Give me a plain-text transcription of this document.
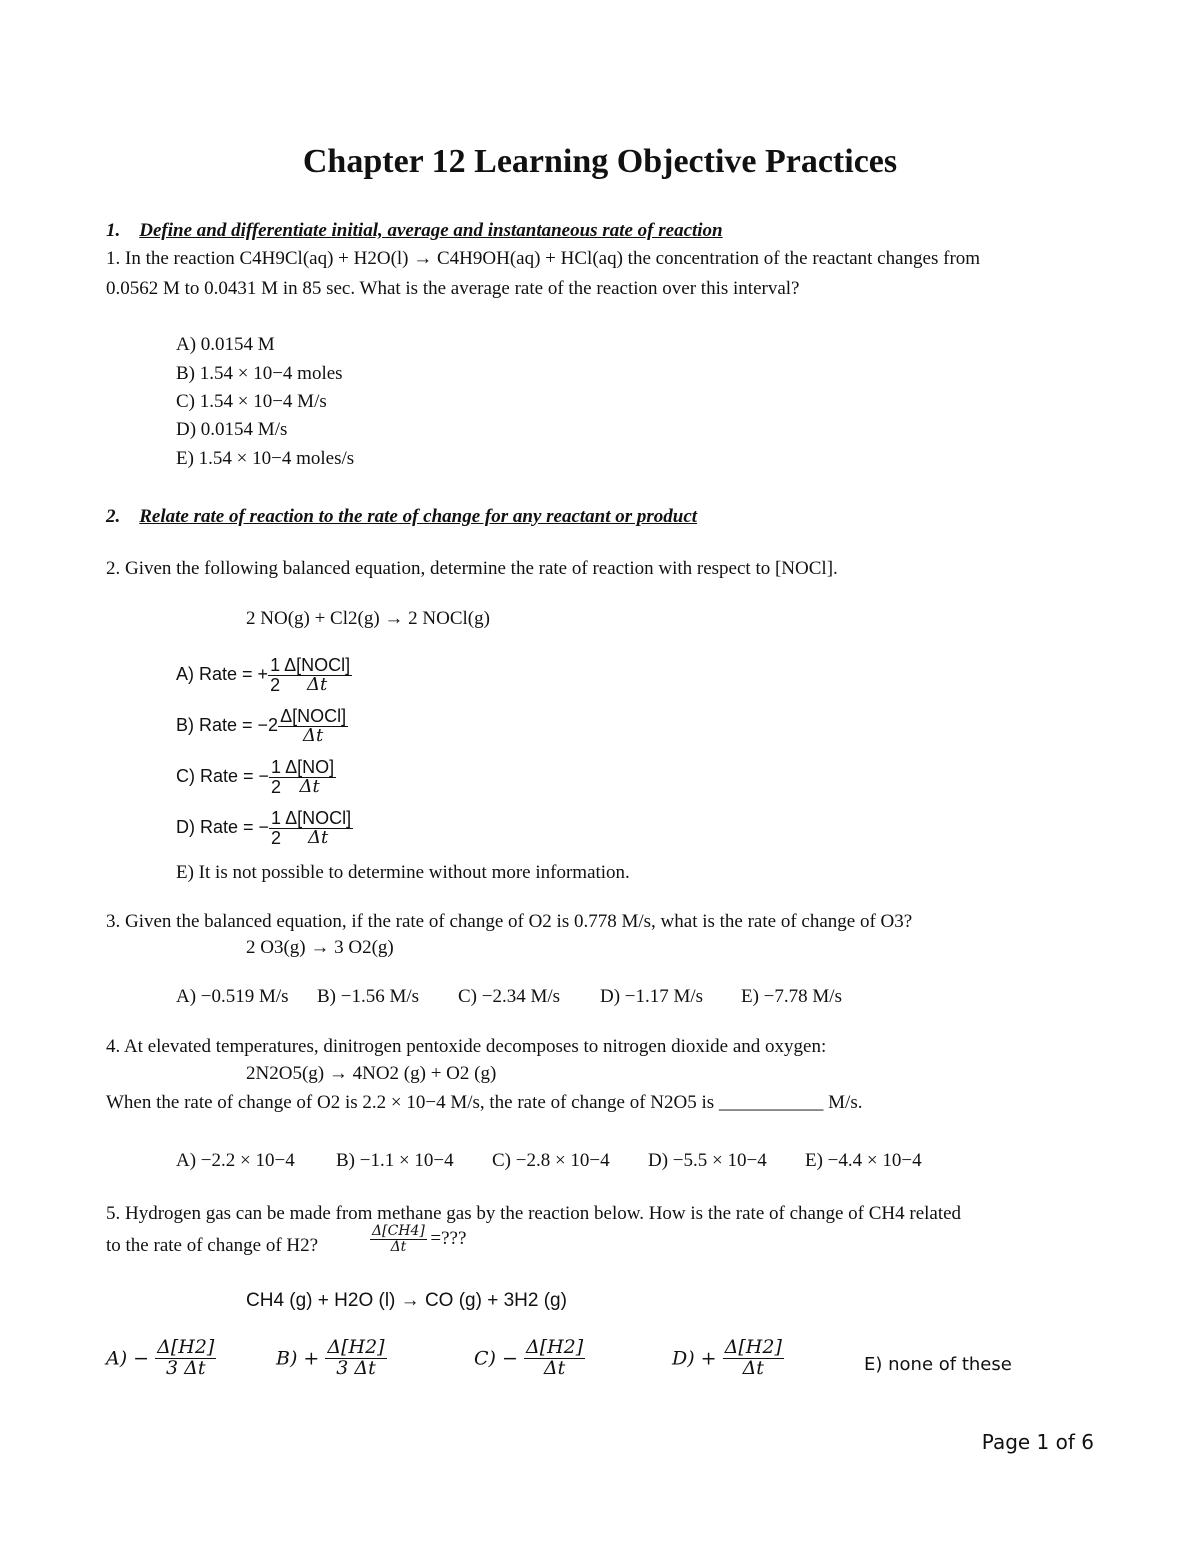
Chapter 12 Learning Objective Practices
1. Define and differentiate initial, average and instantaneous rate of reaction
1. In the reaction C4H9Cl(aq) + H2O(l) → C4H9OH(aq) + HCl(aq) the concentration of the reactant changes from
0.0562 M to 0.0431 M in 85 sec. What is the average rate of the reaction over this interval?
A) 0.0154 M
B) 1.54 × 10−4 moles
C) 1.54 × 10−4 M/s
D) 0.0154 M/s
E) 1.54 × 10−4 moles/s
2. Relate rate of reaction to the rate of change for any reactant or product
2. Given the following balanced equation, determine the rate of reaction with respect to [NOCl].
2 NO(g) + Cl2(g) → 2 NOCl(g)
A) Rate = + $\frac{1}{2} \frac{\text{Δ[NOCl]}}{\Delta t}$
B) Rate = $-2 \frac{\text{Δ[NOCl]}}{\Delta t}$
C) Rate = − $\frac{1}{2} \frac{\Delta[NO]}{\Delta t}$
D) Rate = − $\frac{1}{2} \frac{\text{Δ[NOCl]}}{\Delta t}$
E) It is not possible to determine without more information.
3. Given the balanced equation, if the rate of change of O2 is 0.778 M/s, what is the rate of change of O3?
2 O3(g) → 3 O2(g)
A) −0.519 M/s B) −1.56 M/s C) −2.34 M/s D) −1.17 M/s E) −7.78 M/s
4. At elevated temperatures, dinitrogen pentoxide decomposes to nitrogen dioxide and oxygen:
2N2O5(g) → 4NO2 (g) + O2 (g)
When the rate of change of O2 is 2.2 × 10−4 M/s, the rate of change of N2O5 is ___________ M/s.
A) −2.2 × 10−4 B) −1.1 × 10−4 C) −2.8 × 10−4 D) −5.5 × 10−4 E) −4.4 × 10−4
5. Hydrogen gas can be made from methane gas by the reaction below. How is the rate of change of CH4 related
to the rate of change of H2?	$\frac{\Delta[CH4]}{\Delta t}$ =???
CH4 (g) + H2O (l) → CO (g) + 3H2 (g)
$A) - \frac{\Delta[H2]}{3 \Delta t}$	$B) + \frac{\Delta[H2]}{3 \Delta t}$	$C) - \frac{\Delta[H2]}{\Delta t}$	$D) + \frac{\Delta[H2]}{\Delta t}$	E) none of these
Page 1 of 6
